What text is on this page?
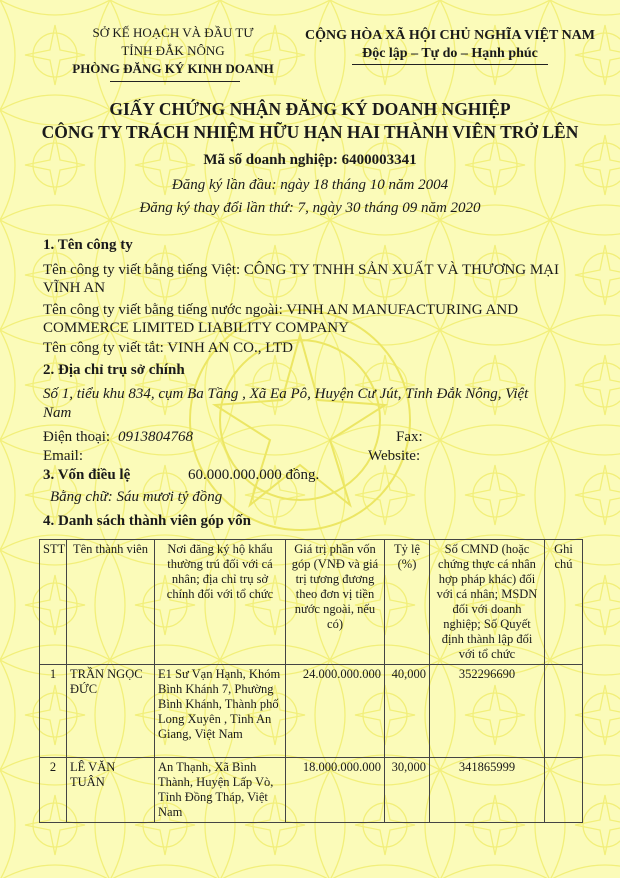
SỞ KẾ HOẠCH VÀ ĐẦU TƯ
TỈNH ĐẮK NÔNG
PHÒNG ĐĂNG KÝ KINH DOANH
CỘNG HÒA XÃ HỘI CHỦ NGHĨA VIỆT NAM
Độc lập – Tự do – Hạnh phúc
GIẤY CHỨNG NHẬN ĐĂNG KÝ DOANH NGHIỆP
CÔNG TY TRÁCH NHIỆM HỮU HẠN HAI THÀNH VIÊN TRỞ LÊN
Mã số doanh nghiệp: 6400003341
Đăng ký lần đầu: ngày 18 tháng 10 năm 2004
Đăng ký thay đổi lần thứ: 7, ngày 30 tháng 09 năm 2020
1. Tên công ty
Tên công ty viết bằng tiếng Việt: CÔNG TY TNHH SẢN XUẤT VÀ THƯƠNG MẠI
VĨNH AN
Tên công ty viết bằng tiếng nước ngoài: VINH AN MANUFACTURING AND
COMMERCE LIMITED LIABILITY COMPANY
Tên công ty viết tắt: VINH AN CO., LTD
2. Địa chỉ trụ sở chính
Số 1, tiểu khu 834, cụm Ba Tầng , Xã Ea Pô, Huyện Cư Jút, Tỉnh Đắk Nông, Việt
Nam
Điện thoại: 0913804768	Fax:
Email:	Website:
3. Vốn điều lệ	60.000.000.000 đồng.
Bằng chữ: Sáu mươi tỷ đồng
4. Danh sách thành viên góp vốn
STT	Tên thành viên	Nơi đăng ký hộ khẩu thường trú đối với cá nhân; địa chỉ trụ sở chính đối với tổ chức	Giá trị phần vốn góp (VNĐ và giá trị tương đương theo đơn vị tiền nước ngoài, nếu có)	Tỷ lệ (%)	Số CMND (hoặc chứng thực cá nhân hợp pháp khác) đối với cá nhân; MSDN đối với doanh nghiệp; Số Quyết định thành lập đối với tổ chức	Ghi chú
1	TRẦN NGỌC ĐỨC	E1 Sư Vạn Hạnh, Khóm Bình Khánh 7, Phường Bình Khánh, Thành phố Long Xuyên , Tỉnh An Giang, Việt Nam	24.000.000.000	40,000	352296690	
2	LÊ VĂN TUÂN	An Thạnh, Xã Bình Thành, Huyện Lấp Vò, Tỉnh Đồng Tháp, Việt Nam	18.000.000.000	30,000	341865999	
